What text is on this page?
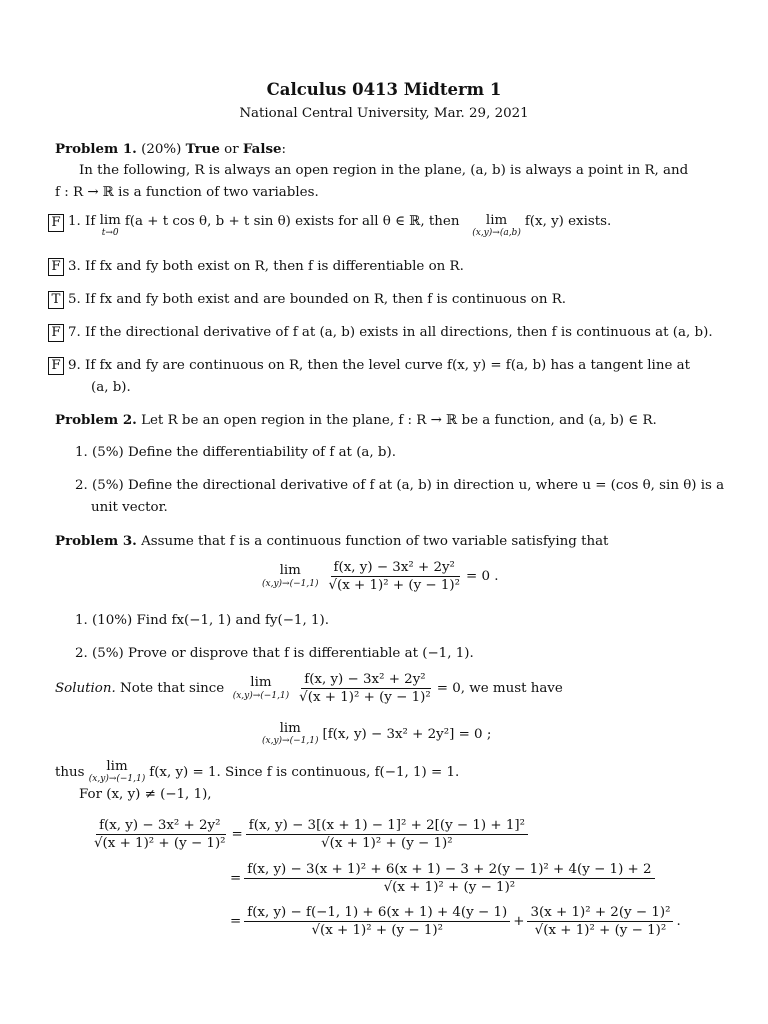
Calculus 0413 Midterm 1
National Central University, Mar. 29, 2021
Problem 1. (20%) True or False:
In the following, R is always an open region in the plane, (a, b) is always a point in R, and
f : R → ℝ is a function of two variables.
F 1.
If
lim
t→0
f(a + t cos θ, b + t sin θ) exists for all θ ∈ ℝ, then
lim
(x,y)→(a,b)
f(x, y) exists.
F 3. If fx and fy both exist on R, then f is differentiable on R.
T 5. If fx and fy both exist and are bounded on R, then f is continuous on R.
F 7. If the directional derivative of f at (a, b) exists in all directions, then f is continuous at (a, b).
F 9. If fx and fy are continuous on R, then the level curve f(x, y) = f(a, b) has a tangent line at
(a, b).
Problem 2. Let R be an open region in the plane, f : R → ℝ be a function, and (a, b) ∈ R.
1. (5%) Define the differentiability of f at (a, b).
2. (5%) Define the directional derivative of f at (a, b) in direction u, where u = (cos θ, sin θ) is a
unit vector.
Problem 3. Assume that f is a continuous function of two variable satisfying that
lim
$(x,y)\to(-1,1) \frac{\text{f(x, y) − 3x² + 2y²}}{\text{√(x + 1)² + (y − 1)²}} = 0$ .
1. (10%) Find fx(−1, 1) and fy(−1, 1).
2. (5%) Prove or disprove that f is differentiable at (−1, 1).
Solution.
Note that since
lim
$(x,y)\to(-1,1) \frac{\text{f(x, y) − 3x² + 2y²}}{\text{√(x + 1)² + (y − 1)²}} = 0$, we must have
lim
(x,y)→(−1,1) [f(x, y) − 3x² + 2y²] = 0 ;
thus
lim
(x,y)→(−1,1) f(x, y) = 1. Since f is continuous, f(−1, 1) = 1.
For (x, y) ≠ (−1, 1),
$\frac{\text{f(x, y) − 3x² + 2y²}}{\text{√(x + 1)² + (y − 1)²}} = \frac{\text{f(x, y) − 3[(x + 1) − 1]² + 2[(y − 1) + 1]²}}{\text{√(x + 1)² + (y − 1)²}}$
=
f(x, y) − 3(x + 1)² + 6(x + 1) − 3 + 2(y − 1)² + 4(y − 1) + 2
√(x + 1)² + (y − 1)²
= $\frac{f(x, y) - f(-1, 1) + 6(x + 1) + 4(y - 1)}{\text{√(x + 1)² + (y − 1)²}} + \frac{\text{3(x + 1)² + 2(y − 1)²}}{\text{√(x + 1)² + (y − 1)²}}$ .
